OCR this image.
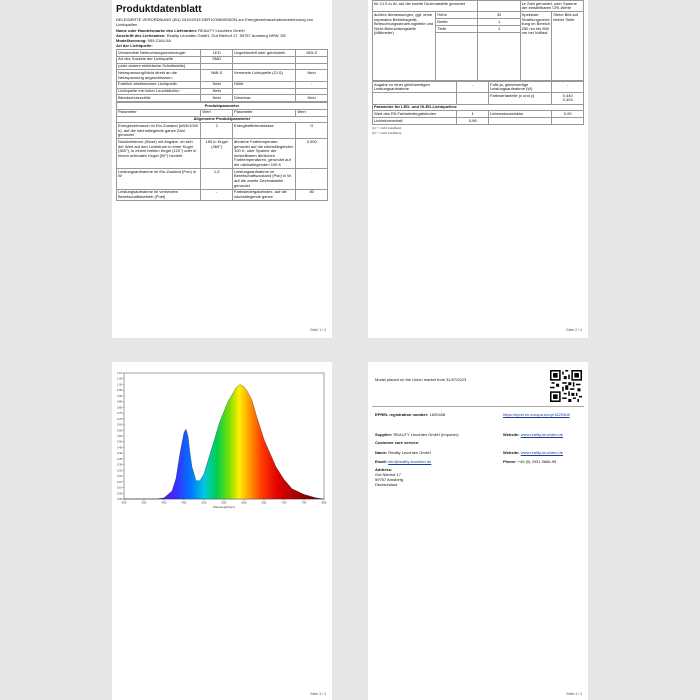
Produktdatenblatt
DELEGIERTE VERORDNUNG (EU) 2019/2015 DER KOMMISSION zur Energieverbrauchskennzeichnung von Lichtquellen
Name oder Handelsmarke des Lieferanten: REAUTY Leuchten GmbH
Anschrift des Lieferanten: Reality Leuchten GmbH, Gut Nierhof 17, 59757 Arnsberg NRW, DE
Modellkennung: 959-2164-0A
Art der Lichtquelle:
Verwendete Beleuchtungstechnologie:	LED	Ungebündelt oder gebündelt:	NDLS
Art des Sockels der Lichtquelle	SMD		
(oder andere elektrische Schnittstelle)			
Netzspannung/Nicht direkt an die Netzspannung angeschlossen:	NMLS	Vernetzte Lichtquelle (CLS)	Nein
Farblich abstimmbare Lichtquelle:	Nein	Hülle:	-
Lichtquelle mit hoher Leuchtdichte:	Nein		
Blendschutzschild:	Nein	Dimmbar:	Nein
Produktparameter			
Parameter	Wert	Parameter	Wert
Allgemeine Produktparameter			
Energieverbrauch im Ein-Zustand (kWh/1000 h), auf die nächstliegende ganze Zahl gerundet	2	Energieeffizienzklasse	G
Nutzlichtstrom (Φuse) mit Angabe, ob sich der Wert auf den Lichtstrom in einer Kugel (360°), in einem breiten Kegel (120°) oder in einem schmalen Kegel (90°) bezieht	150 in Kugel (360°)	ähnliche Farbtemperatur, gerundet auf die nächstliegenden 100 K, oder Spanne der einstellbaren ähnlichen Farbtemperaturen, gerundet auf die nächstliegenden 100 K	3 000
Leistungsaufnahme im Ein-Zustand (Pon) in W	1,5	Leistungsaufnahme im Bereitschaftszustand (Psb) in W, auf die zweite Dezimalstelle gerundet	-
Leistungsaufnahme im vernetzten Bereitschaftsbetrieb (Pnet)	-	Farbwiedergabeindex, auf die nächstliegende ganze	80
Seite 1 / 4
für CLS in W, auf die zweite Dezimalstelle gerundet			ze Zahl gerundet, oder Spanne der einstellbaren CRI-Werte	
äußere Abmessungen, ggf. ohne separates Betriebsgerät, Beleuchtungssteuerungsteile und Nicht-Beleuchtungsteile (Millimeter)	Höhe	32	Spektrale Strahlungsverteilung im Bereich 250 nm bis 800 nm bei Volllast	Siehe Bild auf letzter Seite
	Breite	1		
	Tiefe	1		

Angabe zu einer gleichwertigen Leistungsaufnahme	-	Falls ja, gleichwertige Leistungsaufnahme (W)	-
		Farbwertanteile (x und y)	0,440
0,403
Parameter für LED- und OLED-Lichtquellen:			
Wert des R9-Farbwiedergabeindex	1	Lebensdauerfaktor	0,90
Lichtstromerhalt	0,96		
(1) "-" nicht zutreffend;
(2) "-" nicht zutreffend;
Seite 2 / 4
0.00
0.05
0.10
0.15
0.20
0.25
0.30
0.35
0.40
0.45
0.50
0.55
0.60
0.65
0.70
0.75
0.80
0.85
0.90
0.95
1.00
1.05
1.10
300	350	400	450	500	550	600	650	700	750	800
Wavelength(nm)
Seite 3 / 4
Model placed on the Union market from 31/07/2023
EPREL registration number: 1620408	https://eprel.ec.europa.eu/qr/1620408
Supplier: REAUTY Leuchten GmbH (Importer)	Website: www.reality-leuchten.de
Customer care service:
Name: Reality Leuchten GmbH	Website: www.reality-leuchten.de
Email: info@reality-leuchten.de	Phone: +49 (0) 2931 9666-99
Address:
Gut Nierhof 17
59757 Arnsberg
Deutschland
Seite 4 / 4
